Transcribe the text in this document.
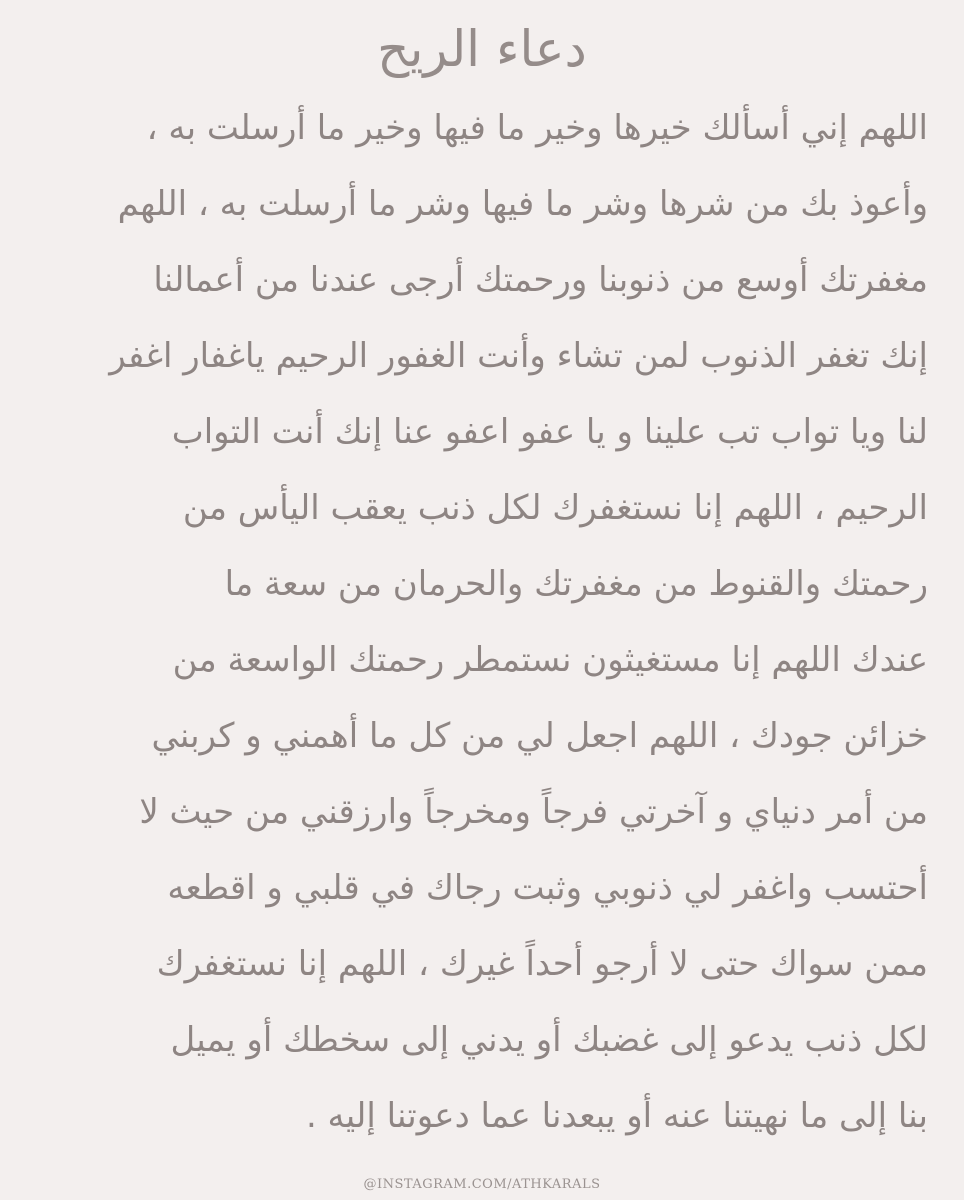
دعاء الريح
اللهم إني أسألك خيرها وخير ما فيها وخير ما أرسلت به ،
وأعوذ بك من شرها وشر ما فيها وشر ما أرسلت به ، اللهم
مغفرتك أوسع من ذنوبنا ورحمتك أرجى عندنا من أعمالنا
إنك تغفر الذنوب لمن تشاء وأنت الغفور الرحيم ياغفار اغفر
لنا ويا تواب تب علينا و يا عفو اعفو عنا إنك أنت التواب
الرحيم ، اللهم إنا نستغفرك لكل ذنب يعقب اليأس من
رحمتك والقنوط من مغفرتك والحرمان من سعة ما
عندك اللهم إنا مستغيثون نستمطر رحمتك الواسعة من
خزائن جودك ، اللهم اجعل لي من كل ما أهمني و كربني
من أمر دنياي و آخرتي فرجاً ومخرجاً وارزقني من حيث لا
أحتسب واغفر لي ذنوبي وثبت رجاك في قلبي و اقطعه
ممن سواك حتى لا أرجو أحداً غيرك ، اللهم إنا نستغفرك
لكل ذنب يدعو إلى غضبك أو يدني إلى سخطك أو يميل
بنا إلى ما نهيتنا عنه أو يبعدنا عما دعوتنا إليه .

@INSTAGRAM.COM/ATHKARALS
